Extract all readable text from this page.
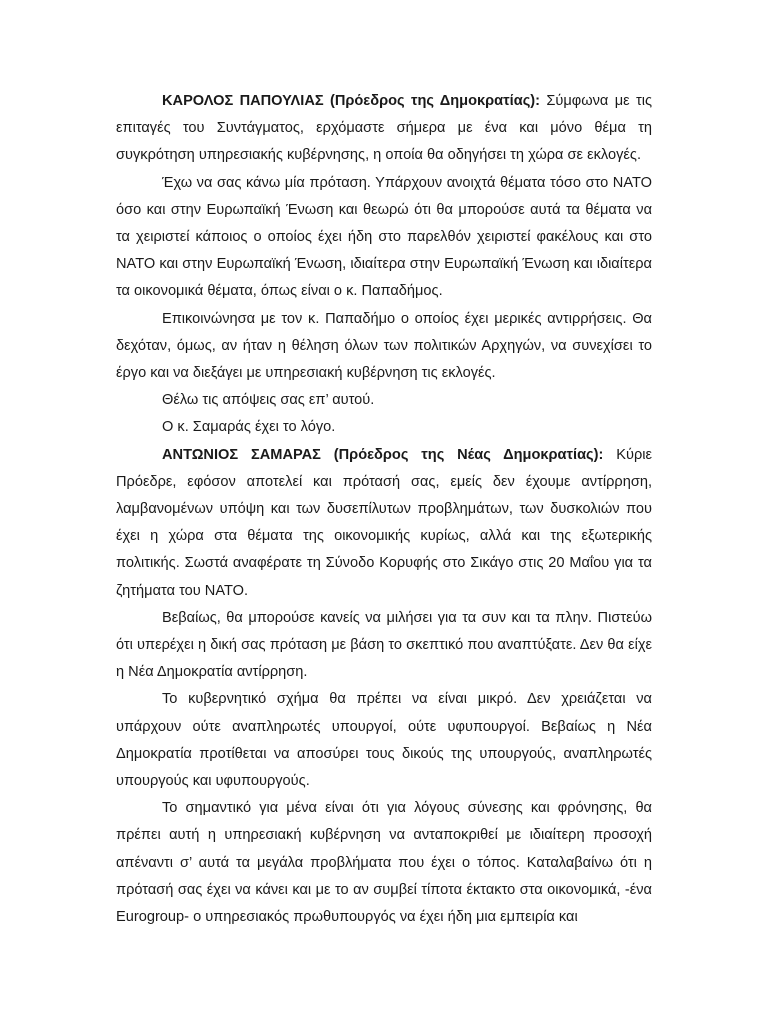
ΚΑΡΟΛΟΣ ΠΑΠΟΥΛΙΑΣ (Πρόεδρος της Δημοκρατίας): Σύμφωνα με τις επιταγές του Συντάγματος, ερχόμαστε σήμερα με ένα και μόνο θέμα τη συγκρότηση υπηρεσιακής κυβέρνησης, η οποία θα οδηγήσει τη χώρα σε εκλογές.

Έχω να σας κάνω μία πρόταση. Υπάρχουν ανοιχτά θέματα τόσο στο ΝΑΤΟ όσο και στην Ευρωπαϊκή Ένωση και θεωρώ ότι θα μπορούσε αυτά τα θέματα να τα χειριστεί κάποιος ο οποίος έχει ήδη στο παρελθόν χειριστεί φακέλους και στο ΝΑΤΟ και στην Ευρωπαϊκή Ένωση, ιδιαίτερα στην Ευρωπαϊκή Ένωση και ιδιαίτερα τα οικονομικά θέματα, όπως είναι ο κ. Παπαδήμος.

Επικοινώνησα με τον κ. Παπαδήμο ο οποίος έχει μερικές αντιρρήσεις. Θα δεχόταν, όμως, αν ήταν η θέληση όλων των πολιτικών Αρχηγών, να συνεχίσει το έργο και να διεξάγει με υπηρεσιακή κυβέρνηση τις εκλογές.

Θέλω τις απόψεις σας επ’ αυτού.

Ο κ. Σαμαράς έχει το λόγο.

ΑΝΤΩΝΙΟΣ ΣΑΜΑΡΑΣ (Πρόεδρος της Νέας Δημοκρατίας): Κύριε Πρόεδρε, εφόσον αποτελεί και πρότασή σας, εμείς δεν έχουμε αντίρρηση, λαμβανομένων υπόψη και των δυσεπίλυτων προβλημάτων, των δυσκολιών που έχει η χώρα στα θέματα της οικονομικής κυρίως, αλλά και της εξωτερικής πολιτικής. Σωστά αναφέρατε τη Σύνοδο Κορυφής στο Σικάγο στις 20 Μαΐου για τα ζητήματα του ΝΑΤΟ.

Βεβαίως, θα μπορούσε κανείς να μιλήσει για τα συν και τα πλην. Πιστεύω ότι υπερέχει η δική σας πρόταση με βάση το σκεπτικό που αναπτύξατε. Δεν θα είχε η Νέα Δημοκρατία αντίρρηση.

Το κυβερνητικό σχήμα θα πρέπει να είναι μικρό. Δεν χρειάζεται να υπάρχουν ούτε αναπληρωτές υπουργοί, ούτε υφυπουργοί. Βεβαίως η Νέα Δημοκρατία προτίθεται να αποσύρει τους δικούς της υπουργούς, αναπληρωτές υπουργούς και υφυπουργούς.

Το σημαντικό για μένα είναι ότι για λόγους σύνεσης και φρόνησης, θα πρέπει αυτή η υπηρεσιακή κυβέρνηση να ανταποκριθεί με ιδιαίτερη προσοχή απέναντι σ’ αυτά τα μεγάλα προβλήματα που έχει ο τόπος. Καταλαβαίνω ότι η πρότασή σας έχει να κάνει και με το αν συμβεί τίποτα έκτακτο στα οικονομικά, -ένα Eurogroup- ο υπηρεσιακός πρωθυπουργός να έχει ήδη μια εμπειρία και
